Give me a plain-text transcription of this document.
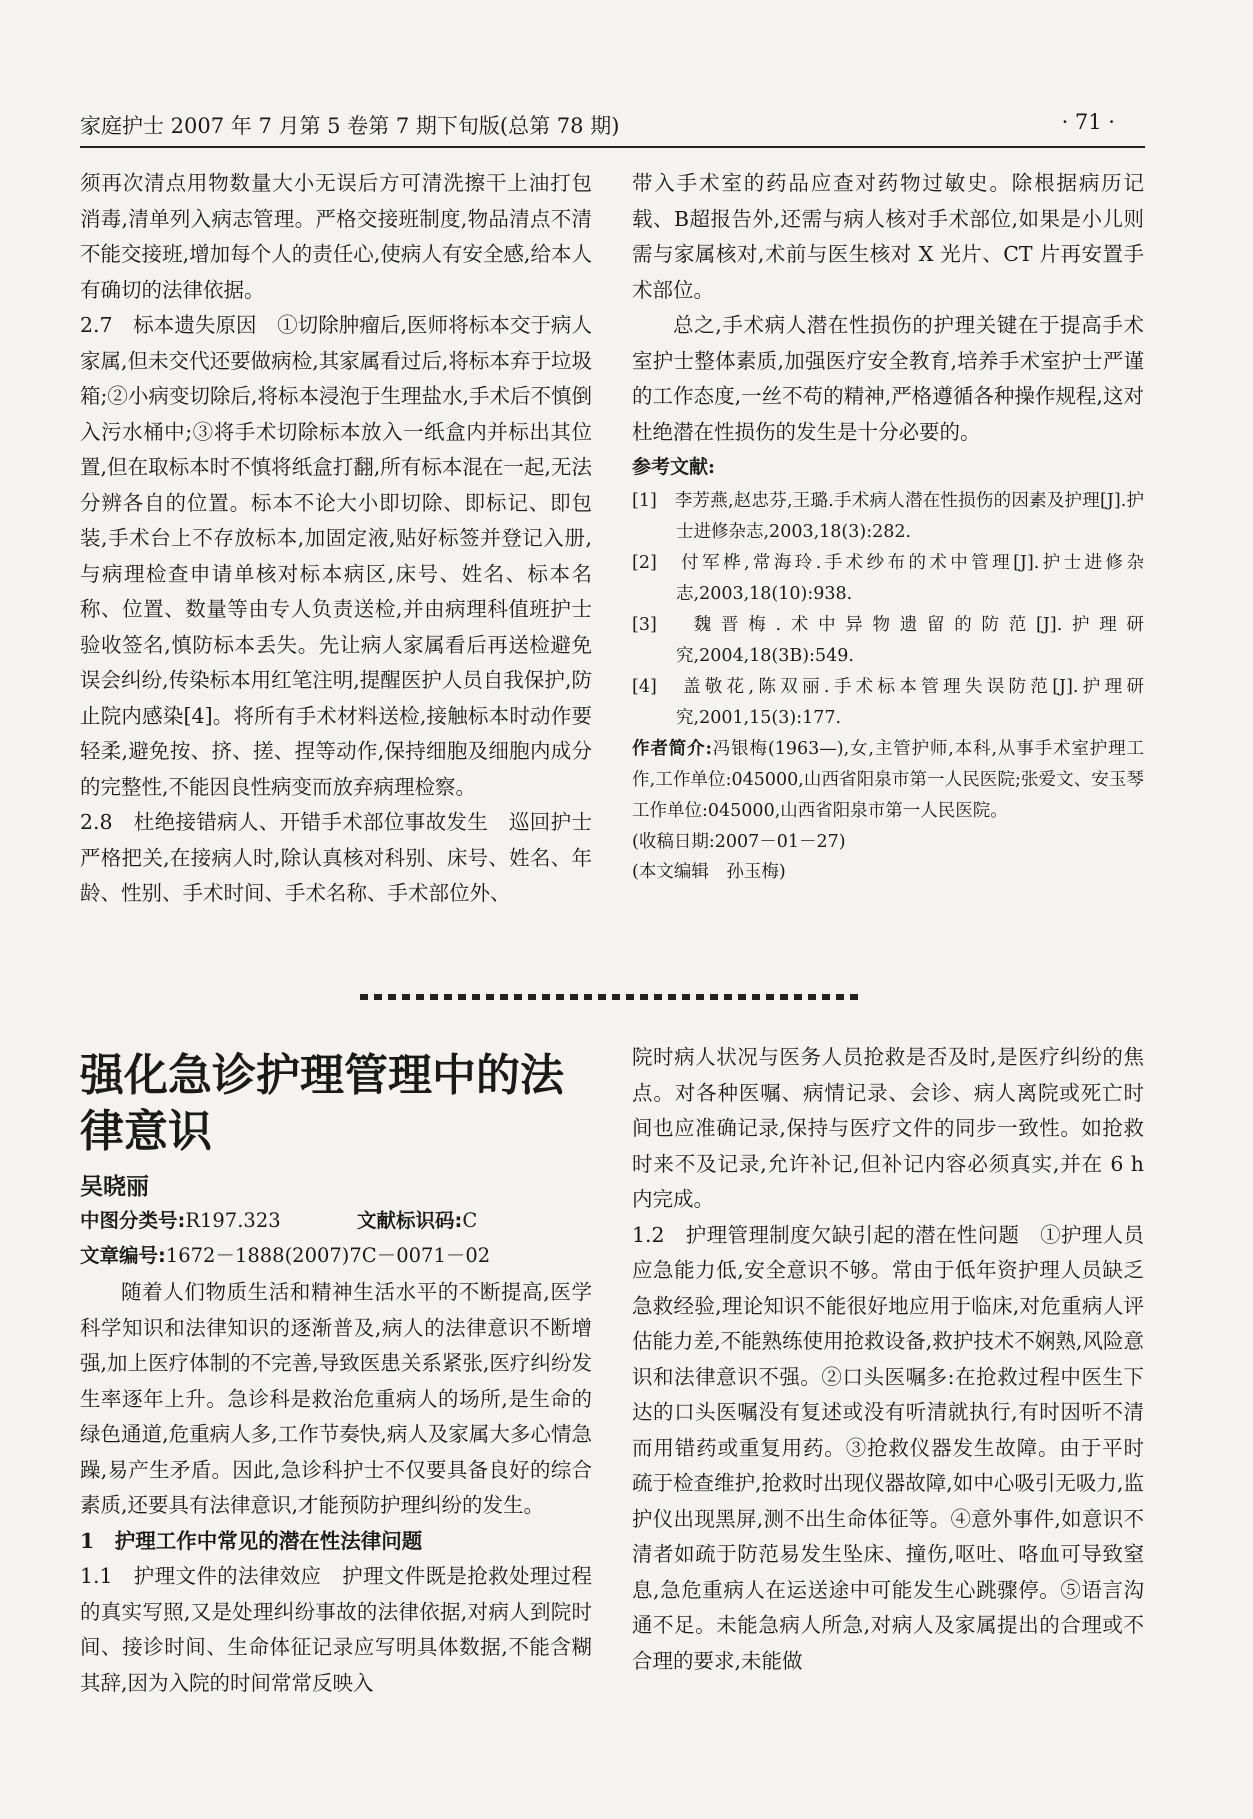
家庭护士 2007 年 7 月第 5 卷第 7 期下旬版(总第 78 期)	· 71 ·

须再次清点用物数量大小无误后方可清洗擦干上油打包消毒,清单列入病志管理。严格交接班制度,物品清点不清不能交接班,增加每个人的责任心,使病人有安全感,给本人有确切的法律依据。

2.7　标本遗失原因　①切除肿瘤后,医师将标本交于病人家属,但未交代还要做病检,其家属看过后,将标本弃于垃圾箱;②小病变切除后,将标本浸泡于生理盐水,手术后不慎倒入污水桶中;③将手术切除标本放入一纸盒内并标出其位置,但在取标本时不慎将纸盒打翻,所有标本混在一起,无法分辨各自的位置。标本不论大小即切除、即标记、即包装,手术台上不存放标本,加固定液,贴好标签并登记入册,与病理检查申请单核对标本病区,床号、姓名、标本名称、位置、数量等由专人负责送检,并由病理科值班护士验收签名,慎防标本丢失。先让病人家属看后再送检避免误会纠纷,传染标本用红笔注明,提醒医护人员自我保护,防止院内感染[4]。将所有手术材料送检,接触标本时动作要轻柔,避免按、挤、搓、捏等动作,保持细胞及细胞内成分的完整性,不能因良性病变而放弃病理检察。

2.8　杜绝接错病人、开错手术部位事故发生　巡回护士严格把关,在接病人时,除认真核对科别、床号、姓名、年龄、性别、手术时间、手术名称、手术部位外、

带入手术室的药品应查对药物过敏史。除根据病历记载、B超报告外,还需与病人核对手术部位,如果是小儿则需与家属核对,术前与医生核对 X 光片、CT 片再安置手术部位。

总之,手术病人潜在性损伤的护理关键在于提高手术室护士整体素质,加强医疗安全教育,培养手术室护士严谨的工作态度,一丝不苟的精神,严格遵循各种操作规程,这对杜绝潜在性损伤的发生是十分必要的。

参考文献:

[1]　李芳燕,赵忠芬,王璐.手术病人潜在性损伤的因素及护理[J].护士进修杂志,2003,18(3):282.

[2]　付军桦,常海玲.手术纱布的术中管理[J].护士进修杂志,2003,18(10):938.

[3]　魏晋梅.术中异物遗留的防范[J].护理研究,2004,18(3B):549.

[4]　盖敬花,陈双丽.手术标本管理失误防范[J].护理研究,2001,15(3):177.

作者简介:冯银梅(1963—),女,主管护师,本科,从事手术室护理工作,工作单位:045000,山西省阳泉市第一人民医院;张爱文、安玉琴工作单位:045000,山西省阳泉市第一人民医院。

(收稿日期:2007－01－27)

(本文编辑　孙玉梅)

强化急诊护理管理中的法律意识
吴晓丽
中图分类号:R197.323	文献标识码:C
文章编号:1672－1888(2007)7C－0071－02

随着人们物质生活和精神生活水平的不断提高,医学科学知识和法律知识的逐渐普及,病人的法律意识不断增强,加上医疗体制的不完善,导致医患关系紧张,医疗纠纷发生率逐年上升。急诊科是救治危重病人的场所,是生命的绿色通道,危重病人多,工作节奏快,病人及家属大多心情急躁,易产生矛盾。因此,急诊科护士不仅要具备良好的综合素质,还要具有法律意识,才能预防护理纠纷的发生。

1　护理工作中常见的潜在性法律问题

1.1　护理文件的法律效应　护理文件既是抢救处理过程的真实写照,又是处理纠纷事故的法律依据,对病人到院时间、接诊时间、生命体征记录应写明具体数据,不能含糊其辞,因为入院的时间常常反映入

院时病人状况与医务人员抢救是否及时,是医疗纠纷的焦点。对各种医嘱、病情记录、会诊、病人离院或死亡时间也应准确记录,保持与医疗文件的同步一致性。如抢救时来不及记录,允许补记,但补记内容必须真实,并在 6 h 内完成。

1.2　护理管理制度欠缺引起的潜在性问题　①护理人员应急能力低,安全意识不够。常由于低年资护理人员缺乏急救经验,理论知识不能很好地应用于临床,对危重病人评估能力差,不能熟练使用抢救设备,救护技术不娴熟,风险意识和法律意识不强。②口头医嘱多:在抢救过程中医生下达的口头医嘱没有复述或没有听清就执行,有时因听不清而用错药或重复用药。③抢救仪器发生故障。由于平时疏于检查维护,抢救时出现仪器故障,如中心吸引无吸力,监护仪出现黑屏,测不出生命体征等。④意外事件,如意识不清者如疏于防范易发生坠床、撞伤,呕吐、咯血可导致窒息,急危重病人在运送途中可能发生心跳骤停。⑤语言沟通不足。未能急病人所急,对病人及家属提出的合理或不合理的要求,未能做
